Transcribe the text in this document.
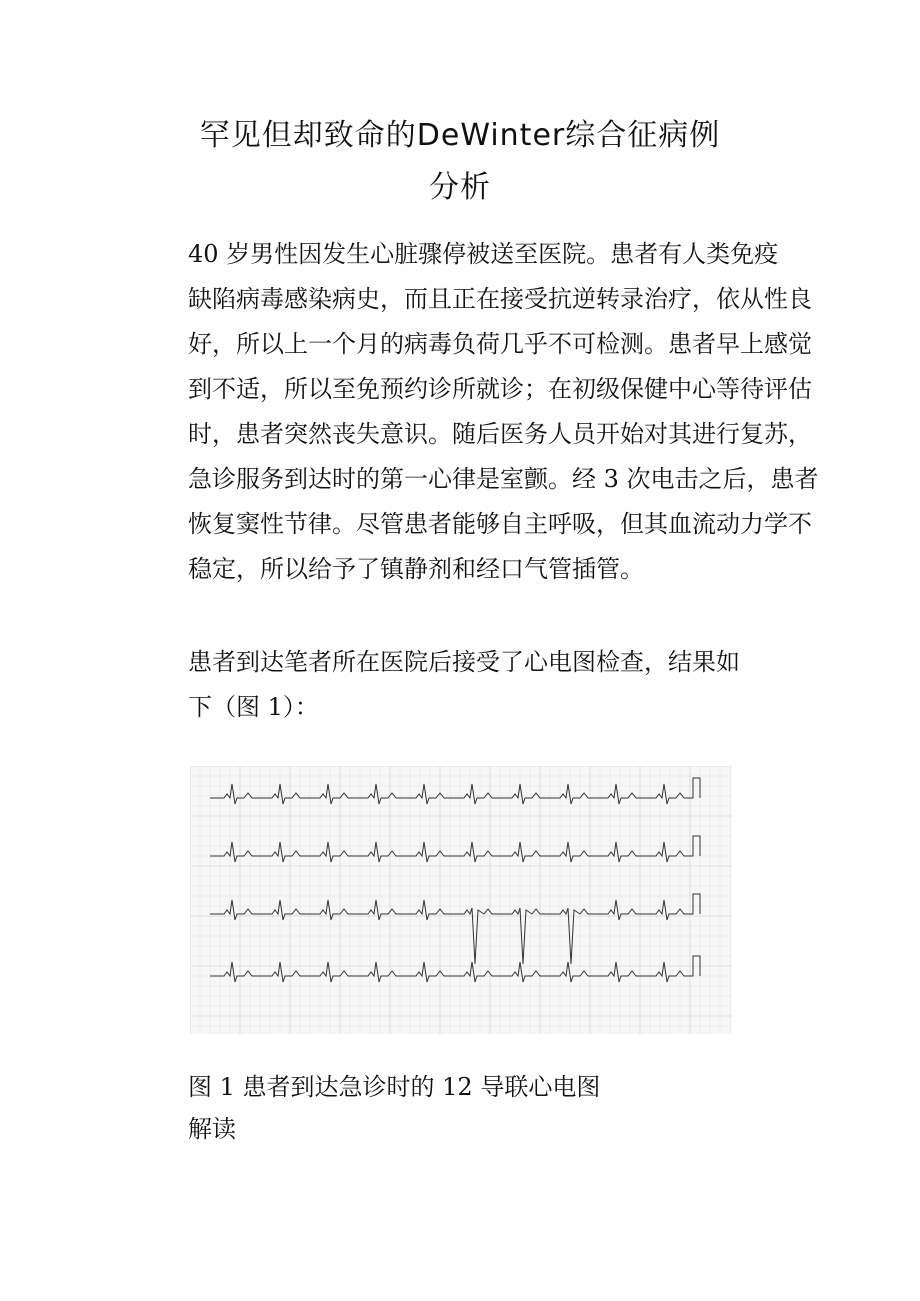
罕见但却致命的DeWinter综合征病例
分析
40 岁男性因发生心脏骤停被送至医院。患者有人类免疫
缺陷病毒感染病史，而且正在接受抗逆转录治疗，依从性良
好，所以上一个月的病毒负荷几乎不可检测。患者早上感觉
到不适，所以至免预约诊所就诊；在初级保健中心等待评估
时，患者突然丧失意识。随后医务人员开始对其进行复苏，
急诊服务到达时的第一心律是室颤。经 3 次电击之后，患者
恢复窦性节律。尽管患者能够自主呼吸，但其血流动力学不
稳定，所以给予了镇静剂和经口气管插管。
患者到达笔者所在医院后接受了心电图检查，结果如
下（图 1）：
图 1 患者到达急诊时的 12 导联心电图
解读
